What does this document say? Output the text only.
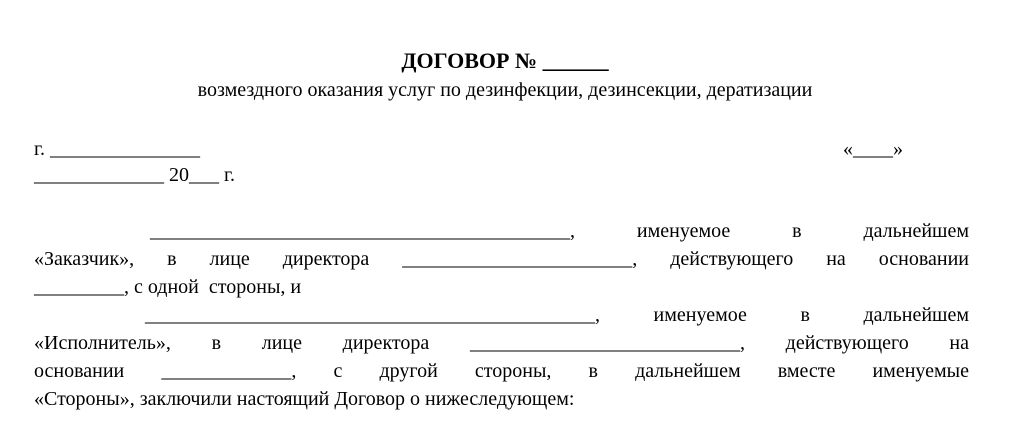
ДОГОВОР № ______
возмездного оказания услуг по дезинфекции, дезинсекции, дератизации
г. _______________	«____»
_____________ 20___ г.
__________________________________________, именуемое в дальнейшем
«Заказчик», в лице директора _______________________, действующего на основании
_________, с одной  стороны, и
_____________________________________________, именуемое в дальнейшем
«Исполнитель», в лице директора ___________________________, действующего на
основании _____________, с другой стороны, в дальнейшем вместе именуемые
«Стороны», заключили настоящий Договор о нижеследующем:
